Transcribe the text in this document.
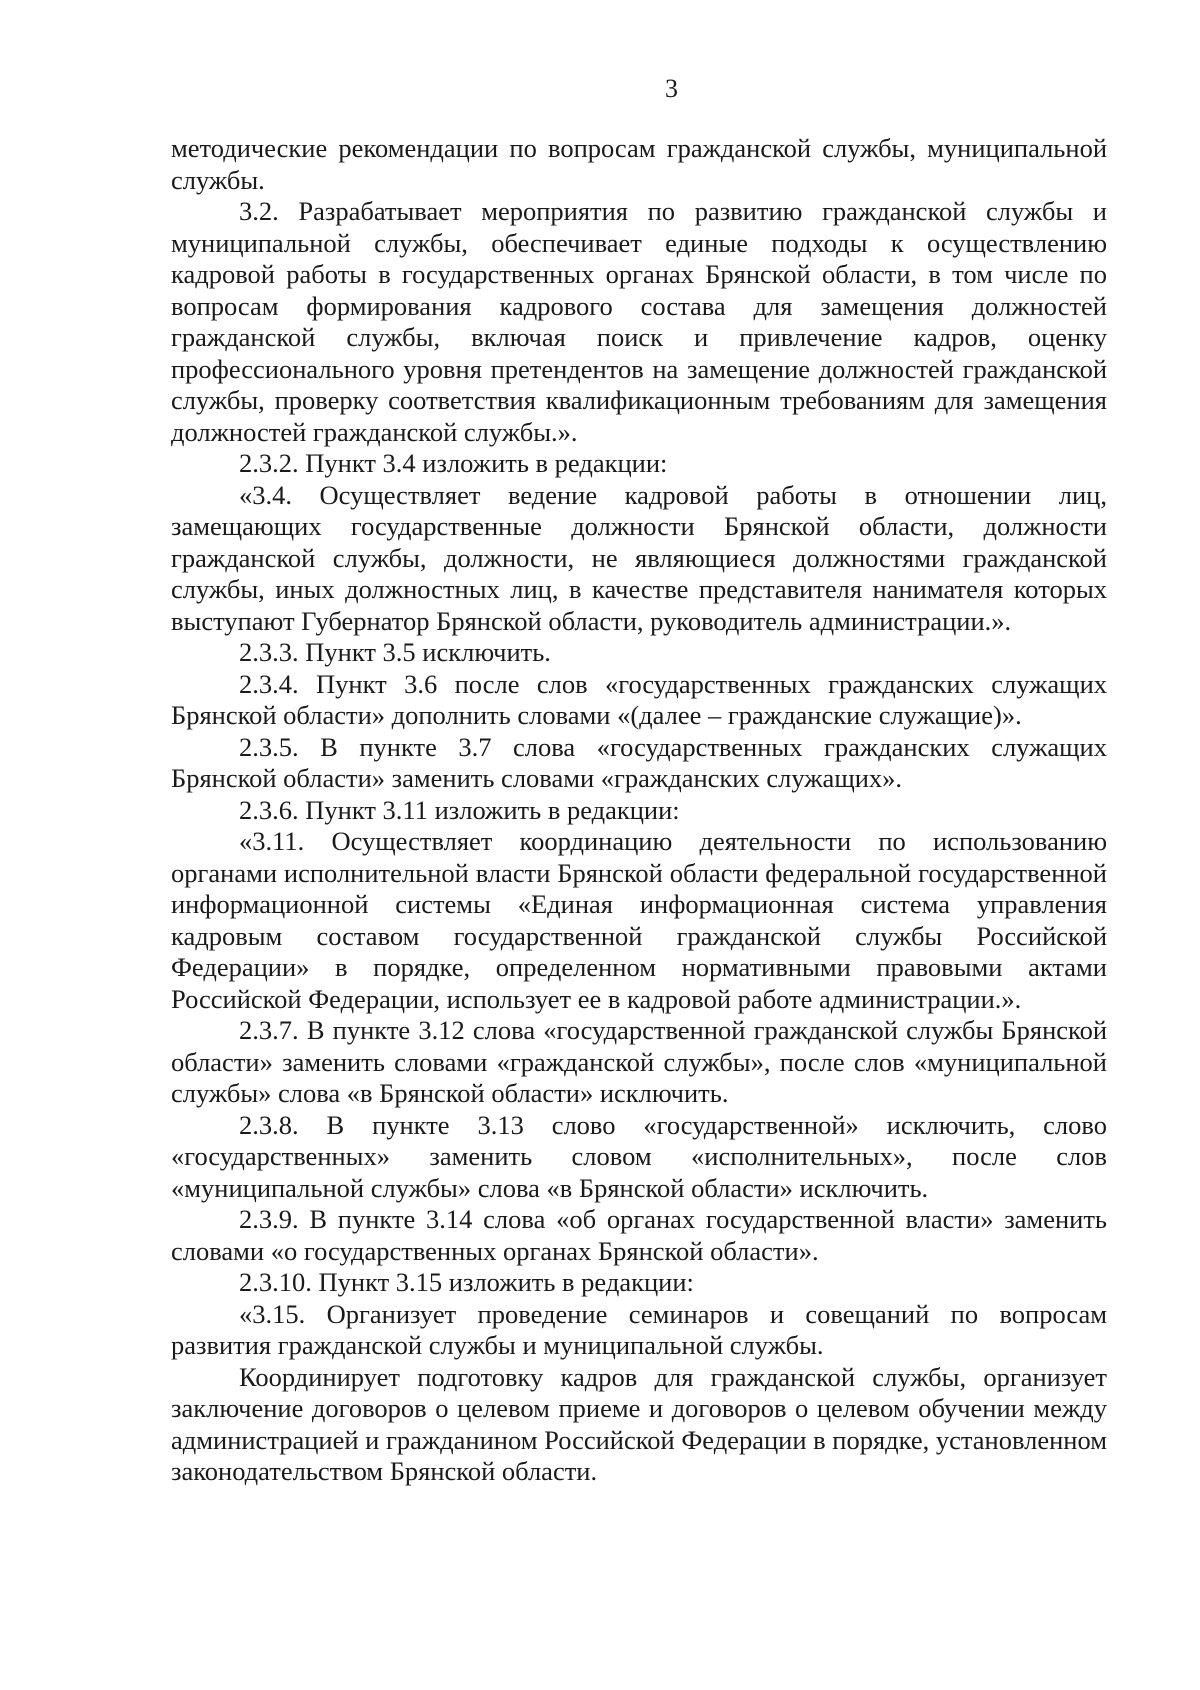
3

методические рекомендации по вопросам гражданской службы, муниципальной службы.

3.2. Разрабатывает мероприятия по развитию гражданской службы и муниципальной службы, обеспечивает единые подходы к осуществлению кадровой работы в государственных органах Брянской области, в том числе по вопросам формирования кадрового состава для замещения должностей гражданской службы, включая поиск и привлечение кадров, оценку профессионального уровня претендентов на замещение должностей гражданской службы, проверку соответствия квалификационным требованиям для замещения должностей гражданской службы.».

2.3.2. Пункт 3.4 изложить в редакции:

«3.4. Осуществляет ведение кадровой работы в отношении лиц, замещающих государственные должности Брянской области, должности гражданской службы, должности, не являющиеся должностями гражданской службы, иных должностных лиц, в качестве представителя нанимателя которых выступают Губернатор Брянской области, руководитель администрации.».

2.3.3. Пункт 3.5 исключить.

2.3.4. Пункт 3.6 после слов «государственных гражданских служащих Брянской области» дополнить словами «(далее – гражданские служащие)».

2.3.5. В пункте 3.7 слова «государственных гражданских служащих Брянской области» заменить словами «гражданских служащих».

2.3.6. Пункт 3.11 изложить в редакции:

«3.11. Осуществляет координацию деятельности по использованию органами исполнительной власти Брянской области федеральной государственной информационной системы «Единая информационная система управления кадровым составом государственной гражданской службы Российской Федерации» в порядке, определенном нормативными правовыми актами Российской Федерации, использует ее в кадровой работе администрации.».

2.3.7. В пункте 3.12 слова «государственной гражданской службы Брянской области» заменить словами «гражданской службы», после слов «муниципальной службы» слова «в Брянской области» исключить.

2.3.8. В пункте 3.13 слово «государственной» исключить, слово «государственных» заменить словом «исполнительных», после слов «муниципальной службы» слова «в Брянской области» исключить.

2.3.9. В пункте 3.14 слова «об органах государственной власти» заменить словами «о государственных органах Брянской области».

2.3.10. Пункт 3.15 изложить в редакции:

«3.15. Организует проведение семинаров и совещаний по вопросам развития гражданской службы и муниципальной службы.

Координирует подготовку кадров для гражданской службы, организует заключение договоров о целевом приеме и договоров о целевом обучении между администрацией и гражданином Российской Федерации в порядке, установленном законодательством Брянской области.
